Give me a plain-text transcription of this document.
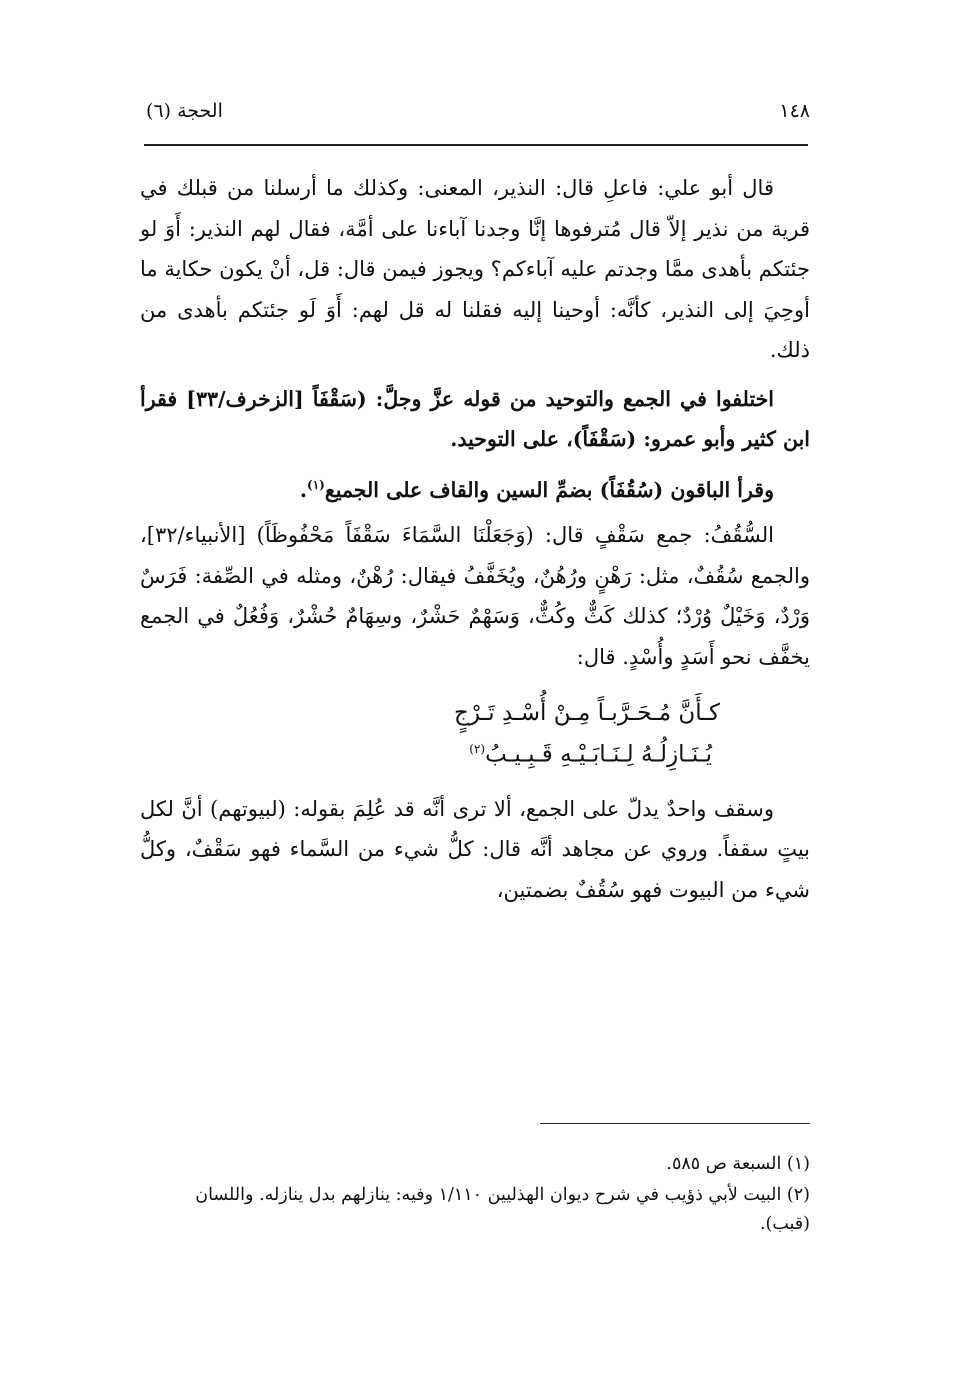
١٤٨
الحجة (٦)

قال أبو علي: فاعلِ قال: النذير، المعنى: وكذلك ما أرسلنا من قبلك في قرية من نذير إلاّ قال مُترفوها إنَّا وجدنا آباءنا على أمَّة، فقال لهم النذير: أَوَ لو جئتكم بأهدى ممَّا وجدتم عليه آباءكم؟ ويجوز فيمن قال: قل، أنْ يكون حكاية ما أوحِيَ إلى النذير، كأنَّه: أوحينا إليه فقلنا له قل لهم: أَوَ لَو جئتكم بأهدى من ذلك.

اختلفوا في الجمع والتوحيد من قوله عزَّ وجلَّ: (سَقْفَاً [الزخرف/٣٣] فقرأ ابن كثير وأبو عمرو: (سَقْفَاً)، على التوحيد.

وقرأ الباقون (سُقُفَاً) بضمِّ السين والقاف على الجميع$^{(١)}$.

السُّقُفُ: جمع سَقْفٍ قال: (وَجَعَلْنَا السَّمَاءَ سَقْفَاً مَحْفُوظَاً) [الأنبياء/٣٢]، والجمع سُقُفٌ، مثل: رَهْنٍ ورُهُنٌ، ويُخَفَّفُ فيقال: رُهْنٌ، ومثله في الصِّفة: فَرَسٌ وَرْدٌ، وَخَيْلٌ وُرْدٌ؛ كذلك كَثٌّ وكُثٌّ، وَسَهْمٌ حَشْرٌ، وسِهَامٌ حُشْرٌ، وَفُعُلٌ في الجمع يخفَّف نحو أَسَدٍ وأُسْدٍ. قال:

كـأَنَّ مُـحَـرَّبـاً مِـنْ أُسْـدِ تَـرْجٍ
يُـنَـازِلُـهُ لِـنَـابَـيْـهِ قَـبِـيـبُ$^{(٢)}$

وسقف واحدٌ يدلّ على الجمع، ألا ترى أنَّه قد عُلِمَ بقوله: (لبيوتهم) أنَّ لكل بيتٍ سقفاً. وروي عن مجاهد أنَّه قال: كلُّ شيء من السَّماء فهو سَقْفٌ، وكلُّ شيء من البيوت فهو سُقُفٌ بضمتين،

(١) السبعة ص ٥٨٥.
(٢) البيت لأبي ذؤيب في شرح ديوان الهذليين ١/١١٠ وفيه: ينازلهم بدل ينازله. واللسان (قبب).
